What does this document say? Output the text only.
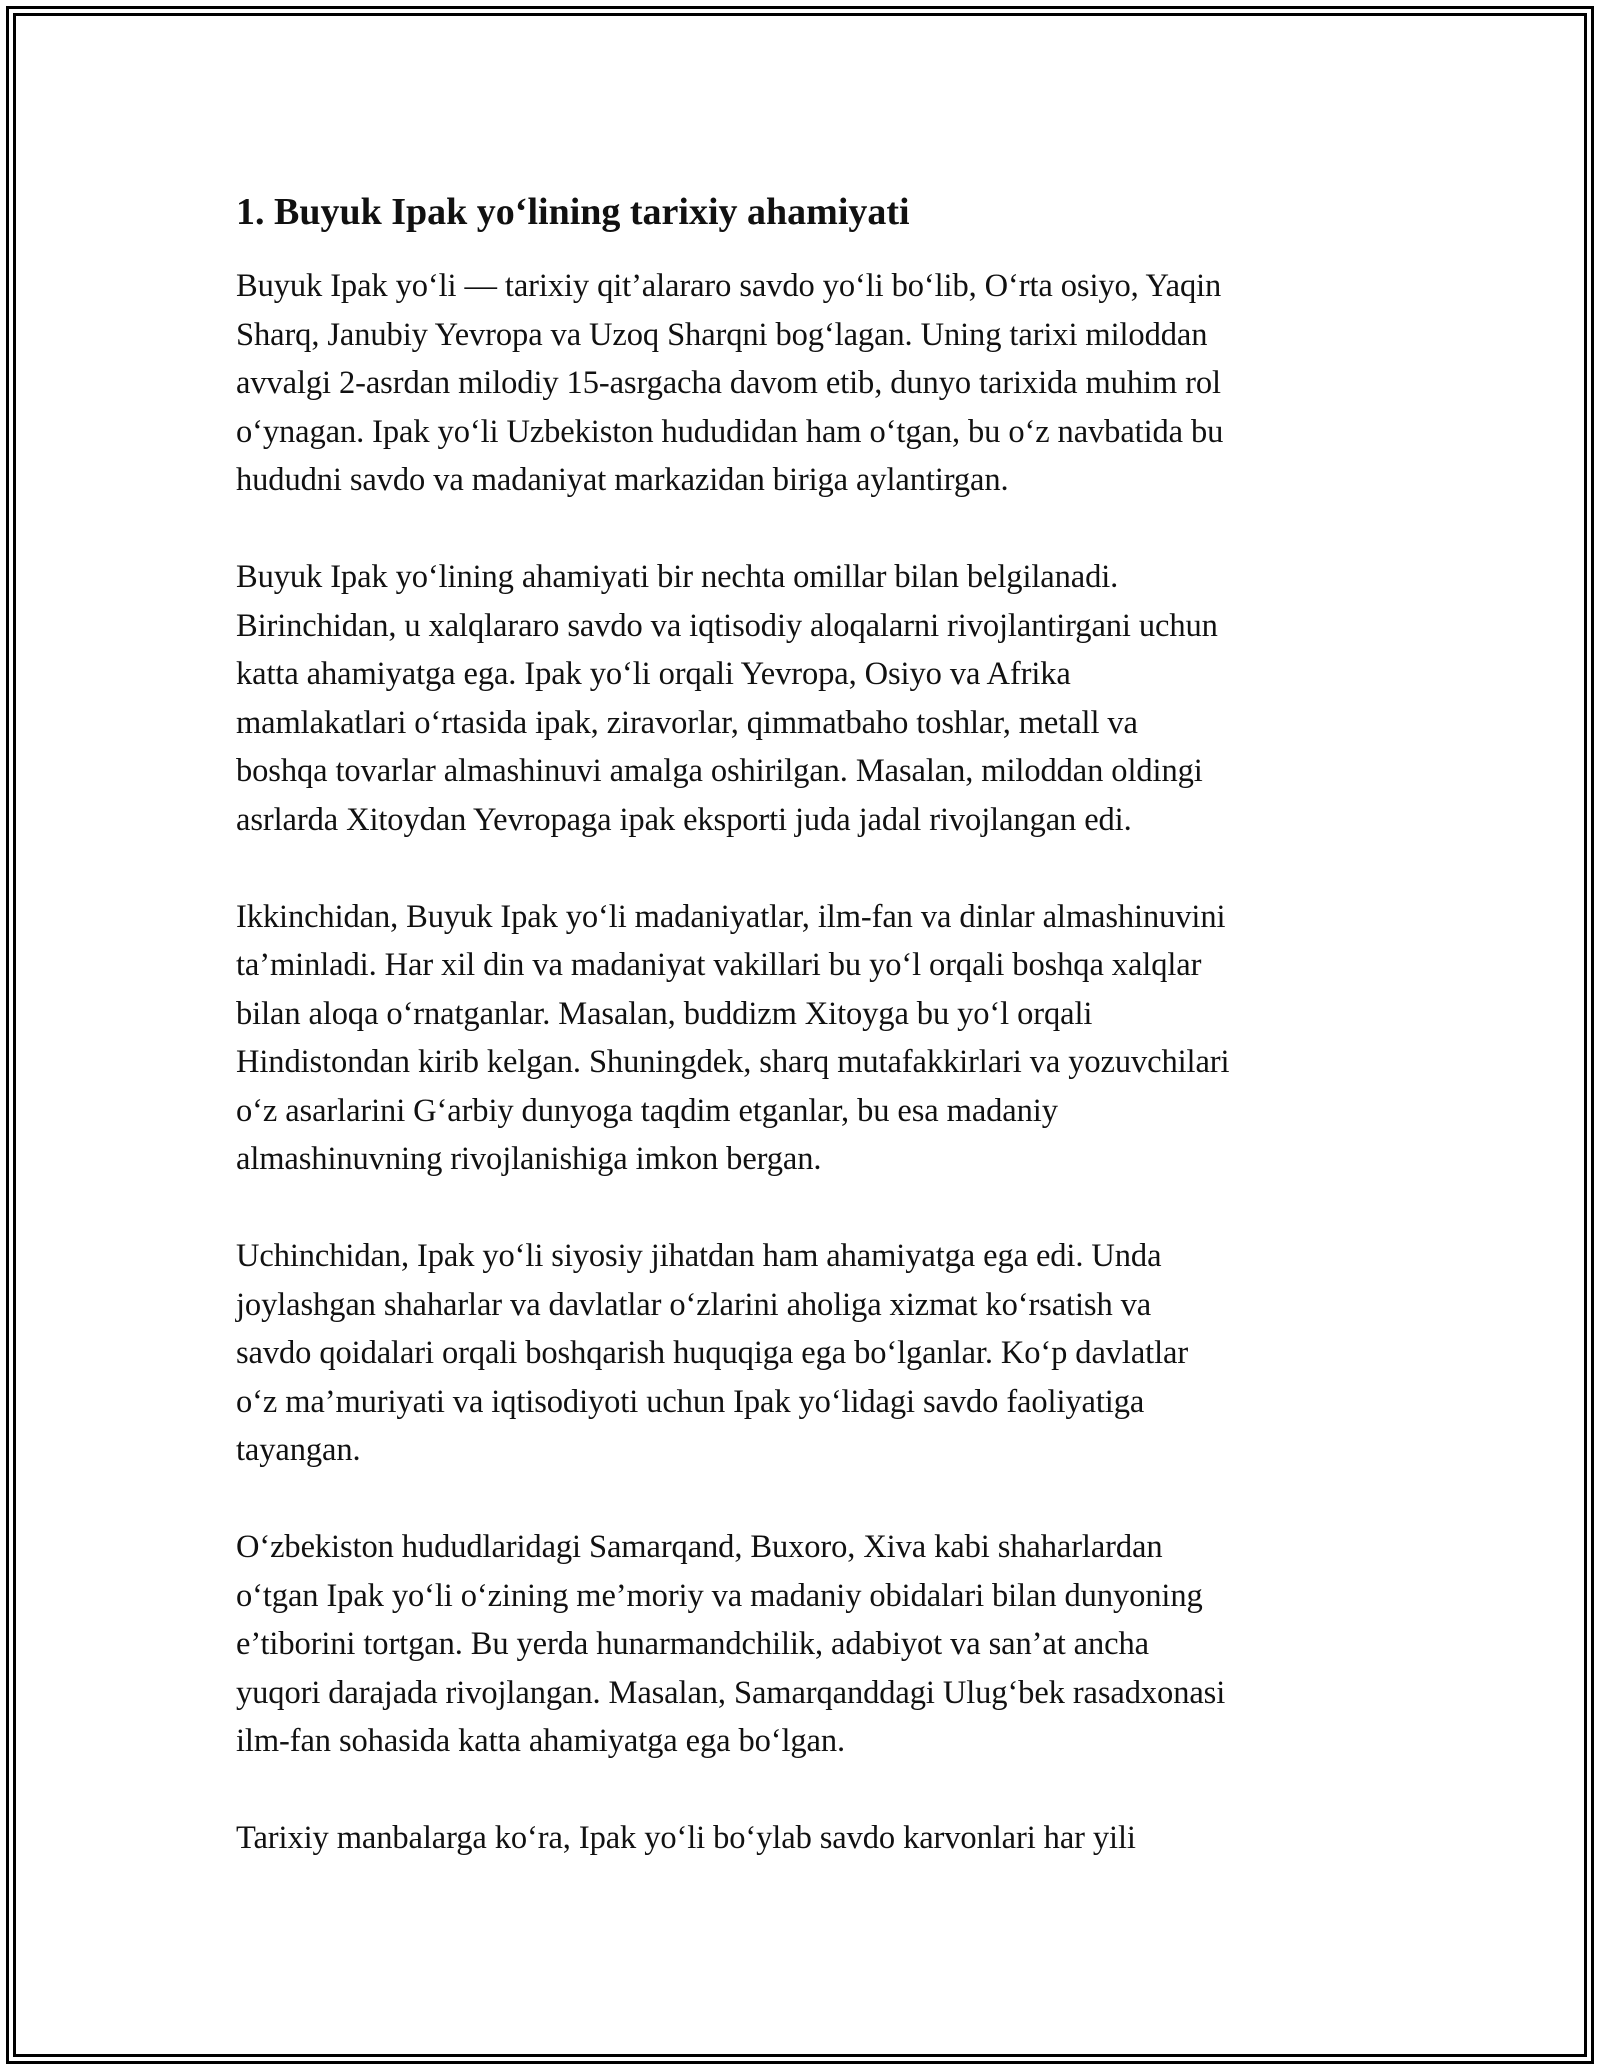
1. Buyuk Ipak yo‘lining tarixiy ahamiyati

Buyuk Ipak yo‘li — tarixiy qit’alararo savdo yo‘li bo‘lib, O‘rta osiyo, Yaqin
Sharq, Janubiy Yevropa va Uzoq Sharqni bog‘lagan. Uning tarixi miloddan
avvalgi 2-asrdan milodiy 15-asrgacha davom etib, dunyo tarixida muhim rol
o‘ynagan. Ipak yo‘li Uzbekiston hududidan ham o‘tgan, bu o‘z navbatida bu
hududni savdo va madaniyat markazidan biriga aylantirgan.

Buyuk Ipak yo‘lining ahamiyati bir nechta omillar bilan belgilanadi.
Birinchidan, u xalqlararo savdo va iqtisodiy aloqalarni rivojlantirgani uchun
katta ahamiyatga ega. Ipak yo‘li orqali Yevropa, Osiyo va Afrika
mamlakatlari o‘rtasida ipak, ziravorlar, qimmatbaho toshlar, metall va
boshqa tovarlar almashinuvi amalga oshirilgan. Masalan, miloddan oldingi
asrlarda Xitoydan Yevropaga ipak eksporti juda jadal rivojlangan edi.

Ikkinchidan, Buyuk Ipak yo‘li madaniyatlar, ilm-fan va dinlar almashinuvini
ta’minladi. Har xil din va madaniyat vakillari bu yo‘l orqali boshqa xalqlar
bilan aloqa o‘rnatganlar. Masalan, buddizm Xitoyga bu yo‘l orqali
Hindistondan kirib kelgan. Shuningdek, sharq mutafakkirlari va yozuvchilari
o‘z asarlarini G‘arbiy dunyoga taqdim etganlar, bu esa madaniy
almashinuvning rivojlanishiga imkon bergan.

Uchinchidan, Ipak yo‘li siyosiy jihatdan ham ahamiyatga ega edi. Unda
joylashgan shaharlar va davlatlar o‘zlarini aholiga xizmat ko‘rsatish va
savdo qoidalari orqali boshqarish huquqiga ega bo‘lganlar. Ko‘p davlatlar
o‘z ma’muriyati va iqtisodiyoti uchun Ipak yo‘lidagi savdo faoliyatiga
tayangan.

O‘zbekiston hududlaridagi Samarqand, Buxoro, Xiva kabi shaharlardan
o‘tgan Ipak yo‘li o‘zining me’moriy va madaniy obidalari bilan dunyoning
e’tiborini tortgan. Bu yerda hunarmandchilik, adabiyot va san’at ancha
yuqori darajada rivojlangan. Masalan, Samarqanddagi Ulug‘bek rasadxonasi
ilm-fan sohasida katta ahamiyatga ega bo‘lgan.

Tarixiy manbalarga ko‘ra, Ipak yo‘li bo‘ylab savdo karvonlari har yili
